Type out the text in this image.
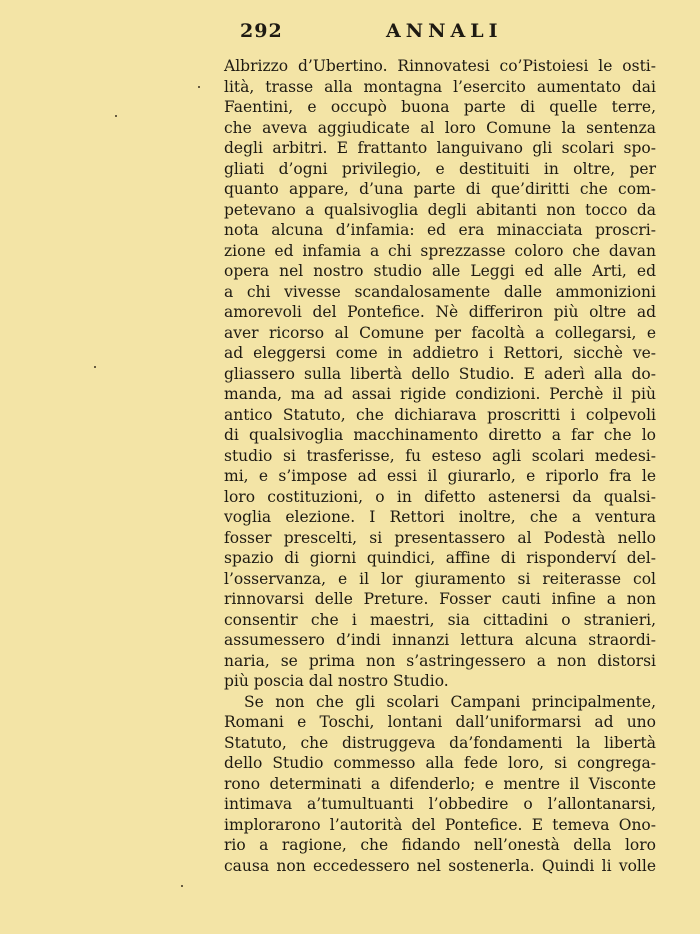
292	ANNALI
Albrizzo d’Ubertino. Rinnovatesi co’Pistoiesi le osti-
lità, trasse alla montagna l’esercito aumentato dai
Faentini, e occupò buona parte di quelle terre,
che aveva aggiudicate al loro Comune la sentenza
degli arbitri. E frattanto languivano gli scolari spo-
gliati d’ogni privilegio, e destituiti in oltre, per
quanto appare, d’una parte di que’diritti che com-
petevano a qualsivoglia degli abitanti non tocco da
nota alcuna d’infamia: ed era minacciata proscri-
zione ed infamia a chi sprezzasse coloro che davan
opera nel nostro studio alle Leggi ed alle Arti, ed
a chi vivesse scandalosamente dalle ammonizioni
amorevoli del Pontefice. Nè differiron più oltre ad
aver ricorso al Comune per facoltà a collegarsi, e
ad eleggersi come in addietro i Rettori, sicchè ve-
gliassero sulla libertà dello Studio. E aderì alla do-
manda, ma ad assai rigide condizioni. Perchè il più
antico Statuto, che dichiarava proscritti i colpevoli
di qualsivoglia macchinamento diretto a far che lo
studio si trasferisse, fu esteso agli scolari medesi-
mi, e s’impose ad essi il giurarlo, e riporlo fra le
loro costituzioni, o in difetto astenersi da qualsi-
voglia elezione. I Rettori inoltre, che a ventura
fosser prescelti, si presentassero al Podestà nello
spazio di giorni quindici, affine di risponderví del-
l’osservanza, e il lor giuramento si reiterasse col
rinnovarsi delle Preture. Fosser cauti infine a non
consentir che i maestri, sia cittadini o stranieri,
assumessero d’indi innanzi lettura alcuna straordi-
naria, se prima non s’astringessero a non distorsi
più poscia dal nostro Studio.
Se non che gli scolari Campani principalmente,
Romani e Toschi, lontani dall’uniformarsi ad uno
Statuto, che distruggeva da’fondamenti la libertà
dello Studio commesso alla fede loro, si congrega-
rono determinati a difenderlo; e mentre il Visconte
intimava a’tumultuanti l’obbedire o l’allontanarsi,
implorarono l’autorità del Pontefice. E temeva Ono-
rio a ragione, che fidando nell’onestà della loro
causa non eccedessero nel sostenerla. Quindi li volle
